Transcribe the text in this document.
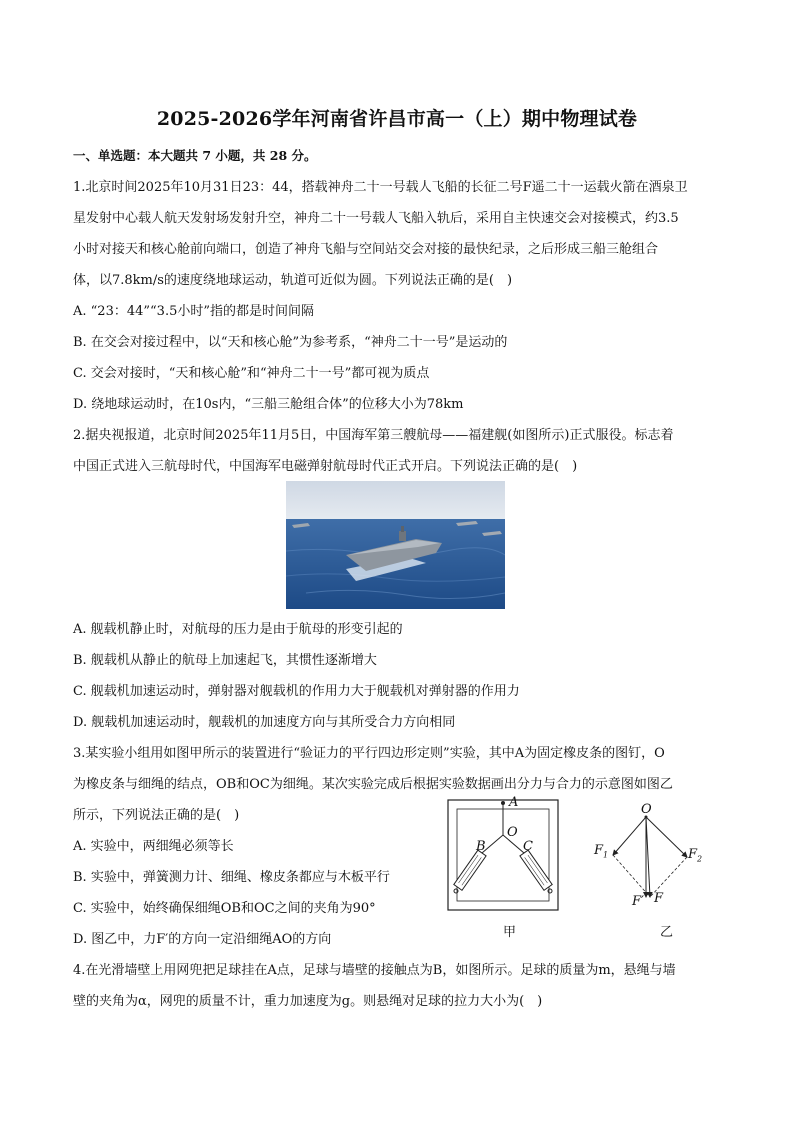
2025-2026学年河南省许昌市高一（上）期中物理试卷
一、单选题：本大题共 7 小题，共 28 分。
1.北京时间2025年10月31日23：44，搭载神舟二十一号载人飞船的长征二号F遥二十一运载火箭在酒泉卫
星发射中心载人航天发射场发射升空，神舟二十一号载人飞船入轨后，采用自主快速交会对接模式，约3.5
小时对接天和核心舱前向端口，创造了神舟飞船与空间站交会对接的最快纪录，之后形成三船三舱组合
体，以7.8km/s的速度绕地球运动，轨道可近似为圆。下列说法正确的是(　)
A. “23：44”“3.5小时”指的都是时间间隔
B. 在交会对接过程中，以“天和核心舱”为参考系，“神舟二十一号”是运动的
C. 交会对接时，“天和核心舱”和“神舟二十一号”都可视为质点
D. 绕地球运动时，在10s内，“三船三舱组合体”的位移大小为78km
2.据央视报道，北京时间2025年11月5日，中国海军第三艘航母——福建舰(如图所示)正式服役。标志着
中国正式进入三航母时代，中国海军电磁弹射航母时代正式开启。下列说法正确的是(　)
A. 舰载机静止时，对航母的压力是由于航母的形变引起的
B. 舰载机从静止的航母上加速起飞，其惯性逐渐增大
C. 舰载机加速运动时，弹射器对舰载机的作用力大于舰载机对弹射器的作用力
D. 舰载机加速运动时，舰载机的加速度方向与其所受合力方向相同
3.某实验小组用如图甲所示的装置进行“验证力的平行四边形定则”实验，其中A为固定橡皮条的图钉，O
为橡皮条与细绳的结点，OB和OC为细绳。某次实验完成后根据实验数据画出分力与合力的示意图如图乙
所示，下列说法正确的是(　)
A. 实验中，两细绳必须等长
B. 实验中，弹簧测力计、细绳、橡皮条都应与木板平行
C. 实验中，始终确保细绳OB和OC之间的夹角为90°
D. 图乙中，力F′的方向一定沿细绳AO的方向
A
O
B	C
甲
O
$F_1$	$F_2$
F′ F
乙
4.在光滑墙壁上用网兜把足球挂在A点，足球与墙壁的接触点为B，如图所示。足球的质量为m，悬绳与墙
壁的夹角为α，网兜的质量不计，重力加速度为g。则悬绳对足球的拉力大小为(　)
